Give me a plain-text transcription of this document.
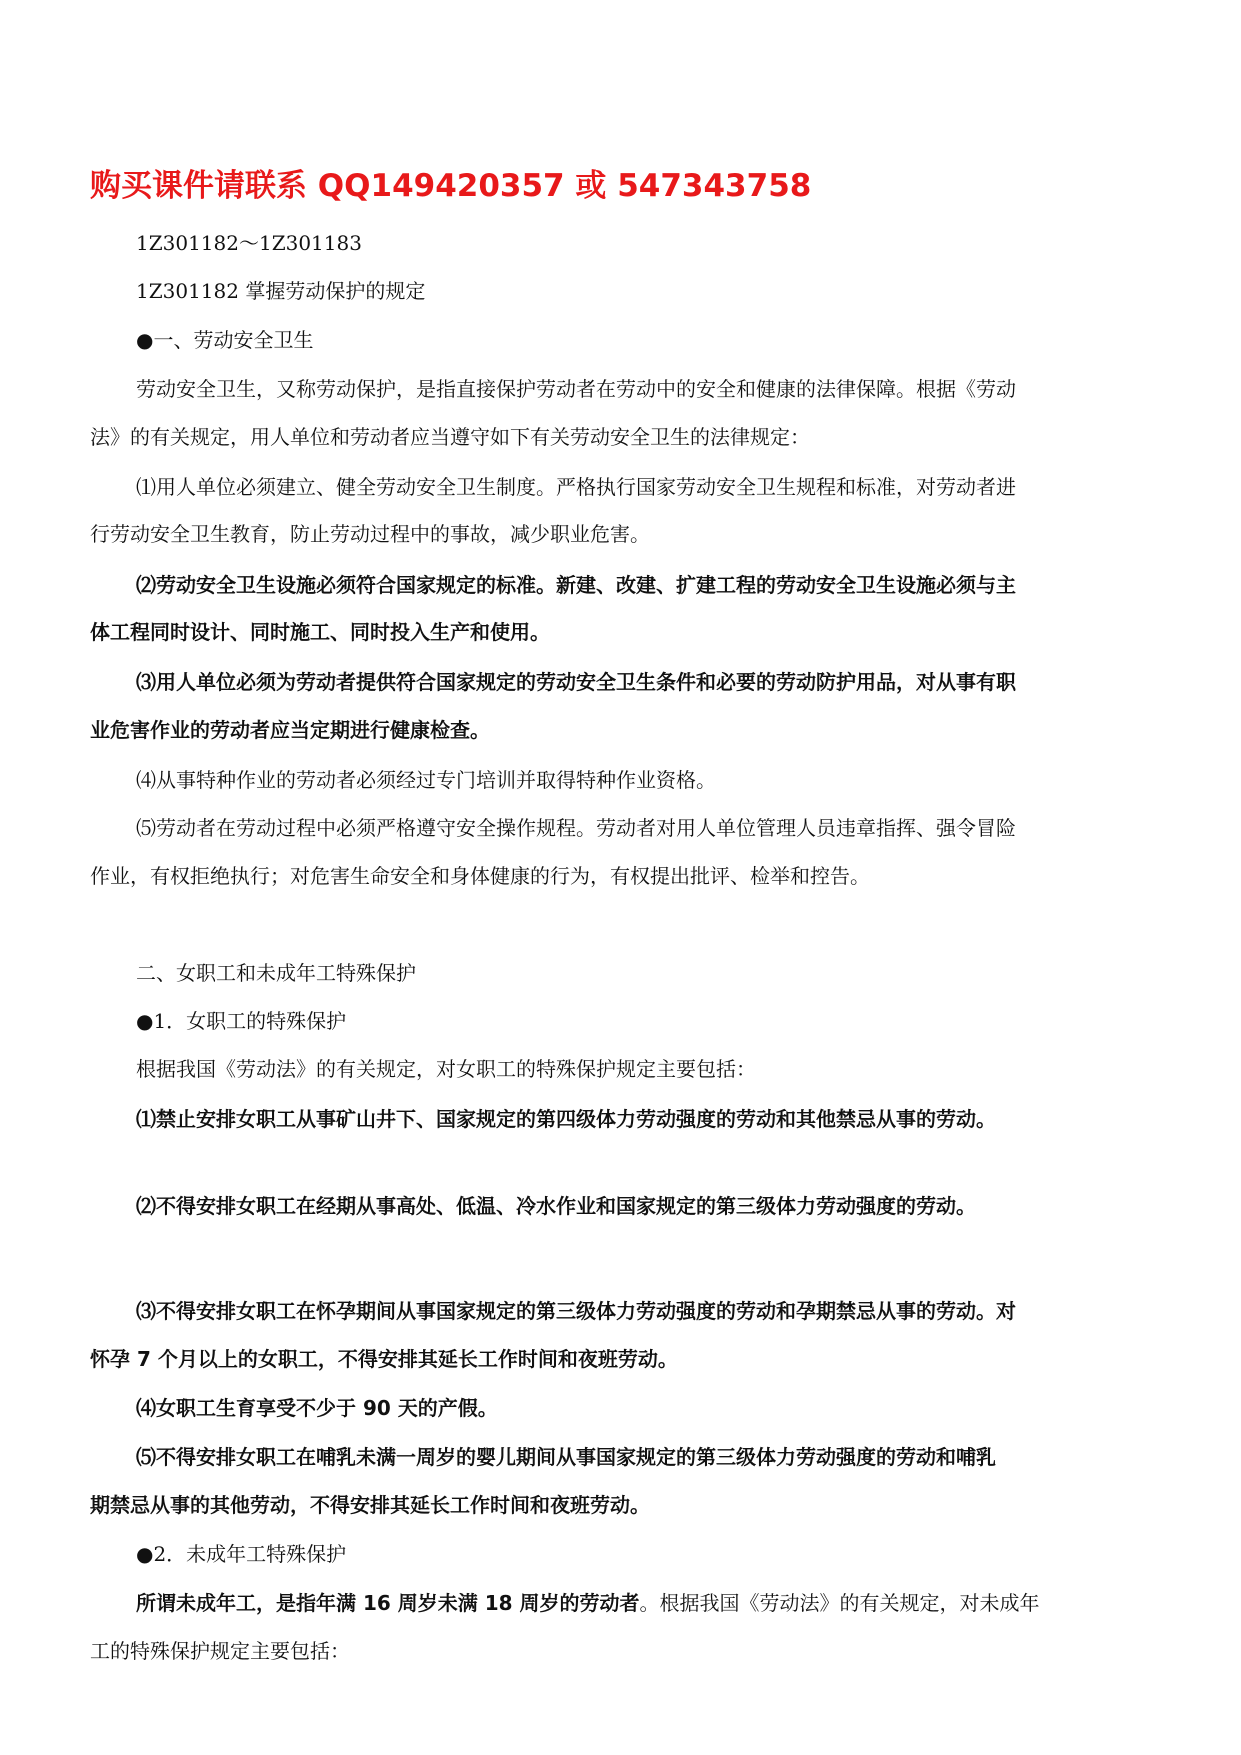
购买课件请联系 QQ149420357 或 547343758
1Z301182～1Z301183
1Z301182 掌握劳动保护的规定
●一、劳动安全卫生
劳动安全卫生，又称劳动保护，是指直接保护劳动者在劳动中的安全和健康的法律保障。根据《劳动
法》的有关规定，用人单位和劳动者应当遵守如下有关劳动安全卫生的法律规定：
⑴用人单位必须建立、健全劳动安全卫生制度。严格执行国家劳动安全卫生规程和标准，对劳动者进
行劳动安全卫生教育，防止劳动过程中的事故，减少职业危害。
⑵劳动安全卫生设施必须符合国家规定的标准。新建、改建、扩建工程的劳动安全卫生设施必须与主
体工程同时设计、同时施工、同时投入生产和使用。
⑶用人单位必须为劳动者提供符合国家规定的劳动安全卫生条件和必要的劳动防护用品，对从事有职
业危害作业的劳动者应当定期进行健康检查。
⑷从事特种作业的劳动者必须经过专门培训并取得特种作业资格。
⑸劳动者在劳动过程中必须严格遵守安全操作规程。劳动者对用人单位管理人员违章指挥、强令冒险
作业，有权拒绝执行；对危害生命安全和身体健康的行为，有权提出批评、检举和控告。
二、女职工和未成年工特殊保护
●1．女职工的特殊保护
根据我国《劳动法》的有关规定，对女职工的特殊保护规定主要包括：
⑴禁止安排女职工从事矿山井下、国家规定的第四级体力劳动强度的劳动和其他禁忌从事的劳动。
⑵不得安排女职工在经期从事高处、低温、冷水作业和国家规定的第三级体力劳动强度的劳动。
⑶不得安排女职工在怀孕期间从事国家规定的第三级体力劳动强度的劳动和孕期禁忌从事的劳动。对
怀孕 7 个月以上的女职工，不得安排其延长工作时间和夜班劳动。
⑷女职工生育享受不少于 90 天的产假。
⑸不得安排女职工在哺乳未满一周岁的婴儿期间从事国家规定的第三级体力劳动强度的劳动和哺乳
期禁忌从事的其他劳动，不得安排其延长工作时间和夜班劳动。
●2．未成年工特殊保护
所谓未成年工，是指年满 16 周岁未满 18 周岁的劳动者。根据我国《劳动法》的有关规定，对未成年
工的特殊保护规定主要包括：
